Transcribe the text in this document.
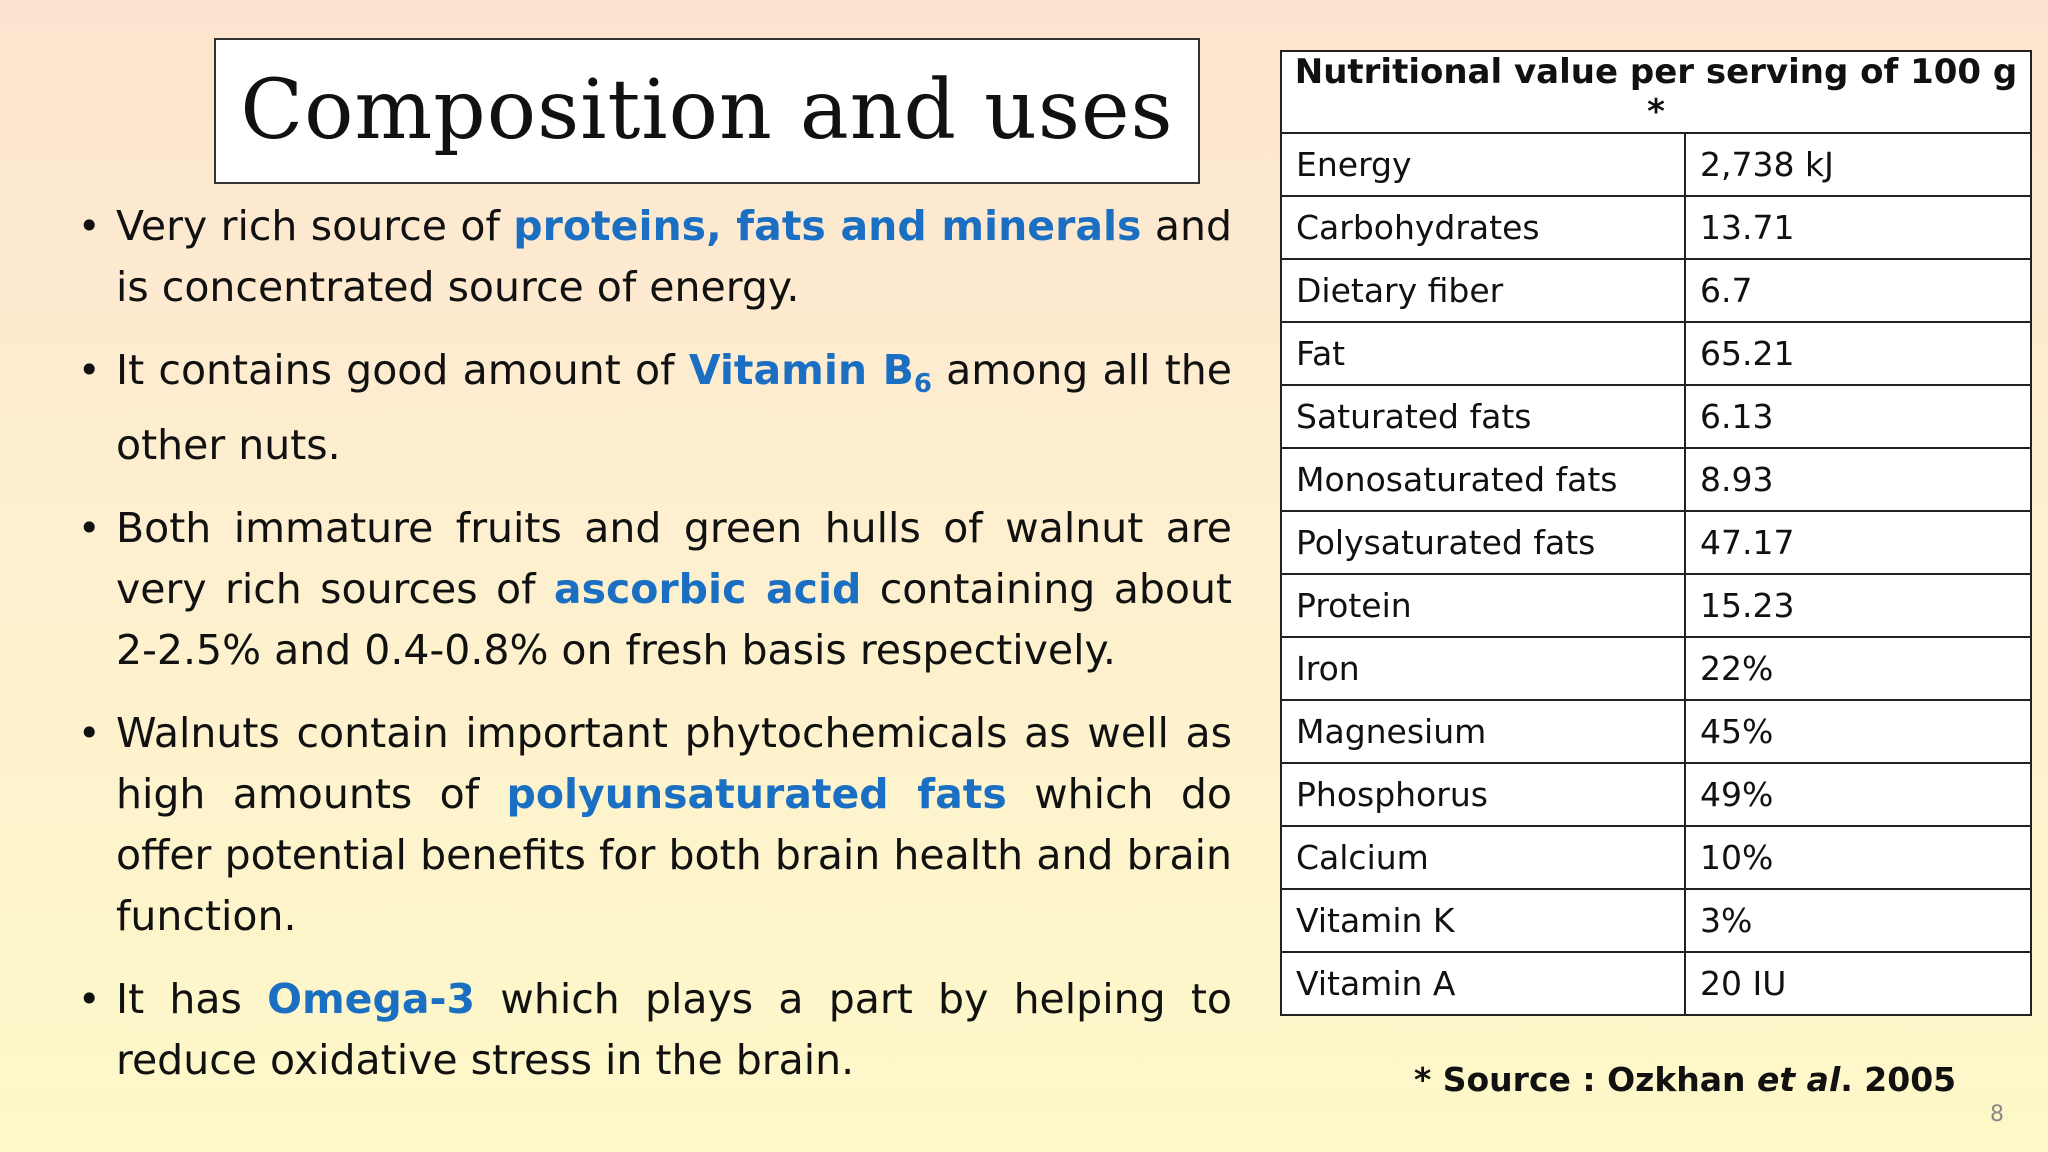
Composition and uses
• Very rich source of proteins, fats and minerals and is concentrated source of energy.
• It contains good amount of Vitamin $B_6$ among all the other nuts.
• Both immature fruits and green hulls of walnut are very rich sources of ascorbic acid containing about 2-2.5% and 0.4-0.8% on fresh basis respectively.
• Walnuts contain important phytochemicals as well as high amounts of polyunsaturated fats which do offer potential benefits for both brain health and brain function.
• It has Omega-3 which plays a part by helping to reduce oxidative stress in the brain.
Nutritional value per serving of 100 g *	
Energy	2,738 kJ
Carbohydrates	13.71
Dietary fiber	6.7
Fat	65.21
Saturated fats	6.13
Monosaturated fats	8.93
Polysaturated fats	47.17
Protein	15.23
Iron	22%
Magnesium	45%
Phosphorus	49%
Calcium	10%
Vitamin K	3%
Vitamin A	20 IU
* Source : Ozkhan et al. 2005
8
